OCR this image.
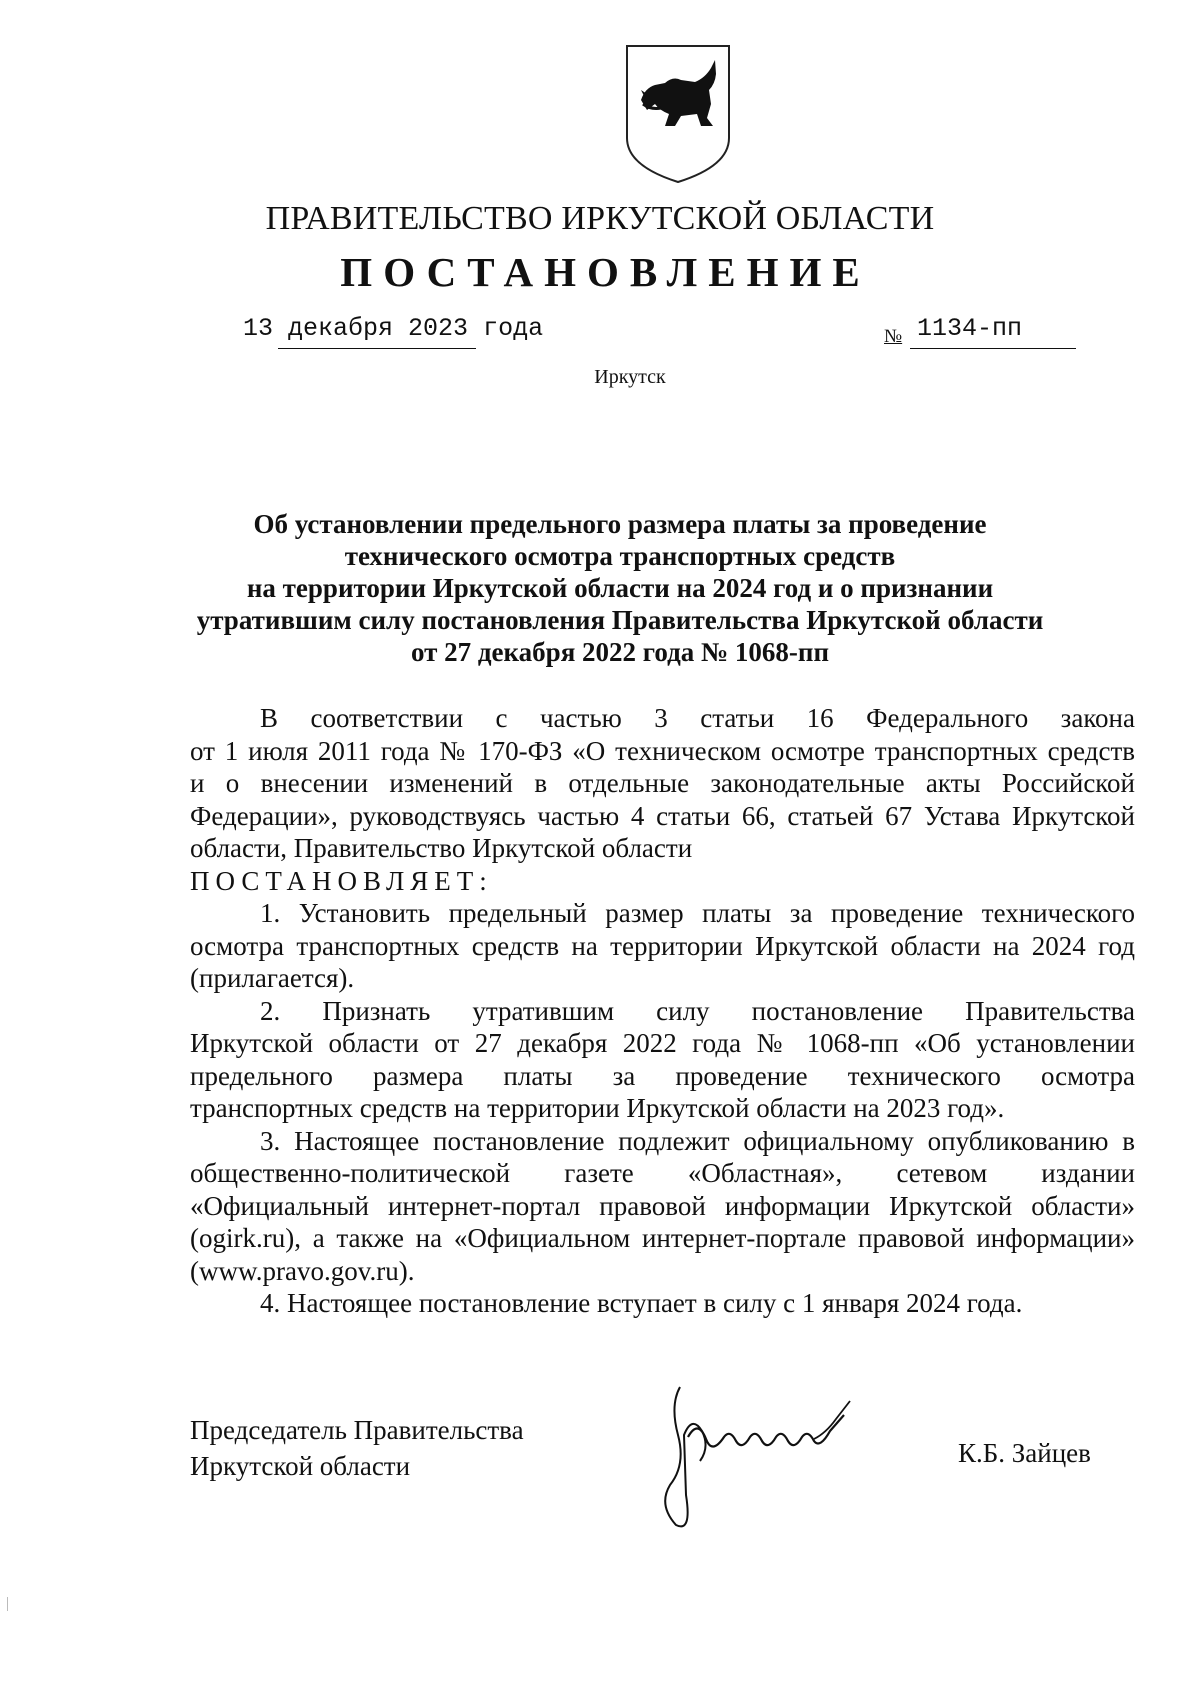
ПРАВИТЕЛЬСТВО ИРКУТСКОЙ ОБЛАСТИ
ПОСТАНОВЛЕНИЕ
13 декабря 2023 года	№ 1134-пп
Иркутск
Об установлении предельного размера платы за проведение
технического осмотра транспортных средств
на территории Иркутской области на 2024 год и о признании
утратившим силу постановления Правительства Иркутской области
от 27 декабря 2022 года № 1068-пп
В соответствии с частью 3 статьи 16 Федерального закона
от 1 июля 2011 года № 170-ФЗ «О техническом осмотре транспортных средств
и о внесении изменений в отдельные законодательные акты Российской
Федерации», руководствуясь частью 4 статьи 66, статьей 67 Устава Иркутской
области, Правительство Иркутской области
ПОСТАНОВЛЯЕТ:
1. Установить предельный размер платы за проведение технического
осмотра транспортных средств на территории Иркутской области на 2024 год
(прилагается).
2. Признать утратившим силу постановление Правительства
Иркутской области от 27 декабря 2022 года № 1068-пп «Об установлении
предельного размера платы за проведение технического осмотра
транспортных средств на территории Иркутской области на 2023 год».
3. Настоящее постановление подлежит официальному опубликованию в
общественно-политической газете «Областная», сетевом издании
«Официальный интернет-портал правовой информации Иркутской области»
(ogirk.ru), а также на «Официальном интернет-портале правовой информации»
(www.pravo.gov.ru).
4. Настоящее постановление вступает в силу с 1 января 2024 года.
Председатель Правительства
Иркутской области	К.Б. Зайцев
